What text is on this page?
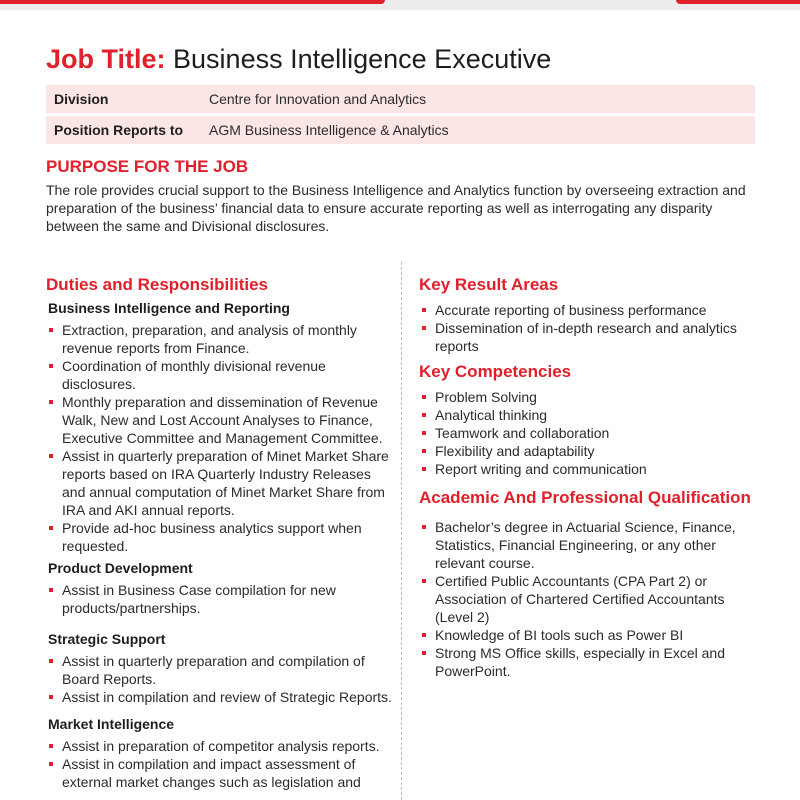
Job Title: Business Intelligence Executive
Division	Centre for Innovation and Analytics
Position Reports to	AGM Business Intelligence & Analytics
PURPOSE FOR THE JOB

The role provides crucial support to the Business Intelligence and Analytics function by overseeing extraction and preparation of the business’ financial data to ensure accurate reporting as well as interrogating any disparity between the same and Divisional disclosures.

Duties and Responsibilities
Business Intelligence and Reporting
Extraction, preparation, and analysis of monthly revenue reports from Finance.
Coordination of monthly divisional revenue disclosures.
Monthly preparation and dissemination of Revenue Walk, New and Lost Account Analyses to Finance, Executive Committee and Management Committee.
Assist in quarterly preparation of Minet Market Share reports based on IRA Quarterly Industry Releases and annual computation of Minet Market Share from IRA and AKI annual reports.
Provide ad-hoc business analytics support when requested.
Product Development
Assist in Business Case compilation for new products/partnerships.
Strategic Support
Assist in quarterly preparation and compilation of Board Reports.
Assist in compilation and review of Strategic Reports.
Market Intelligence
Assist in preparation of competitor analysis reports.
Assist in compilation and impact assessment of external market changes such as legislation and
Key Result Areas
Accurate reporting of business performance
Dissemination of in-depth research and analytics reports
Key Competencies
Problem Solving
Analytical thinking
Teamwork and collaboration
Flexibility and adaptability
Report writing and communication
Academic And Professional Qualification
Bachelor’s degree in Actuarial Science, Finance, Statistics, Financial Engineering, or any other relevant course.
Certified Public Accountants (CPA Part 2) or Association of Chartered Certified Accountants (Level 2)
Knowledge of BI tools such as Power BI
Strong MS Office skills, especially in Excel and PowerPoint.
